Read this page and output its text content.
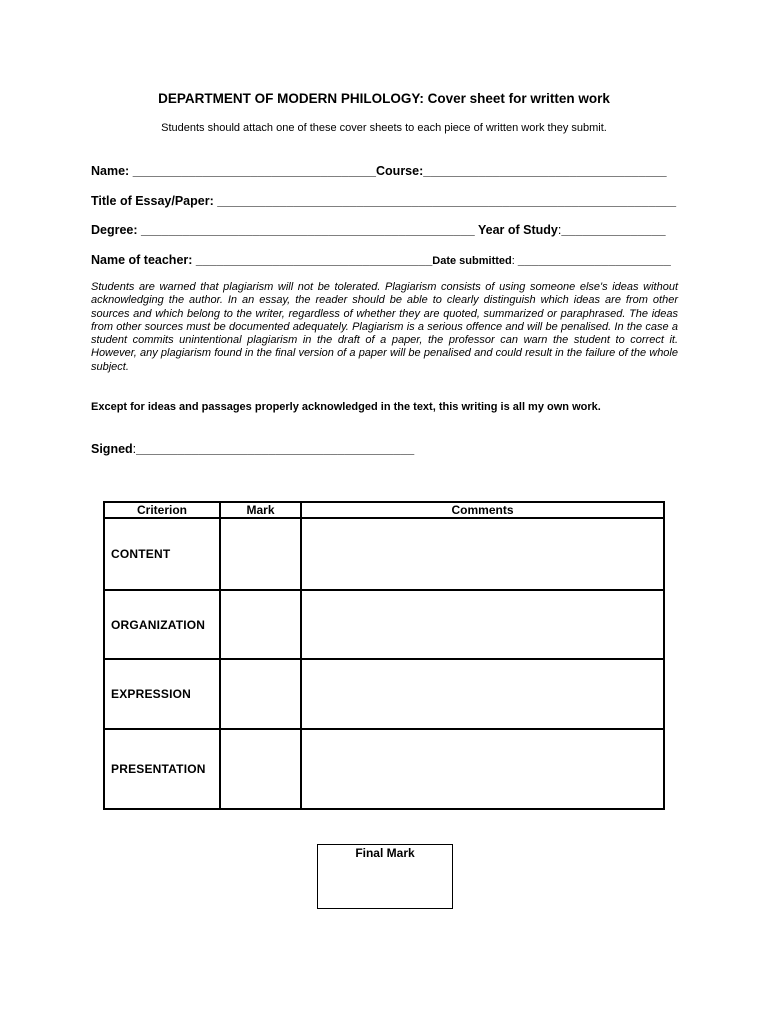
DEPARTMENT OF MODERN PHILOLOGY: Cover sheet for written work
Students should attach one of these cover sheets to each piece of written work they submit.
Name: ___________________________________Course:___________________________________
Title of Essay/Paper: __________________________________________________________________
Degree: ________________________________________________ Year of Study:_______________
Name of teacher: __________________________________Date submitted: ______________________
Students are warned that plagiarism will not be tolerated. Plagiarism consists of using someone else's ideas without acknowledging the author. In an essay, the reader should be able to clearly distinguish which ideas are from other sources and which belong to the writer, regardless of whether they are quoted, summarized or paraphrased. The ideas from other sources must be documented adequately. Plagiarism is a serious offence and will be penalised. In the case a student commits unintentional plagiarism in the draft of a paper, the professor can warn the student to correct it. However, any plagiarism found in the final version of a paper will be penalised and could result in the failure of the whole subject.
Except for ideas and passages properly acknowledged in the text, this writing is all my own work.
Signed:________________________________________
Criterion	Mark	Comments
CONTENT		
ORGANIZATION		
EXPRESSION		
PRESENTATION		
Final Mark
